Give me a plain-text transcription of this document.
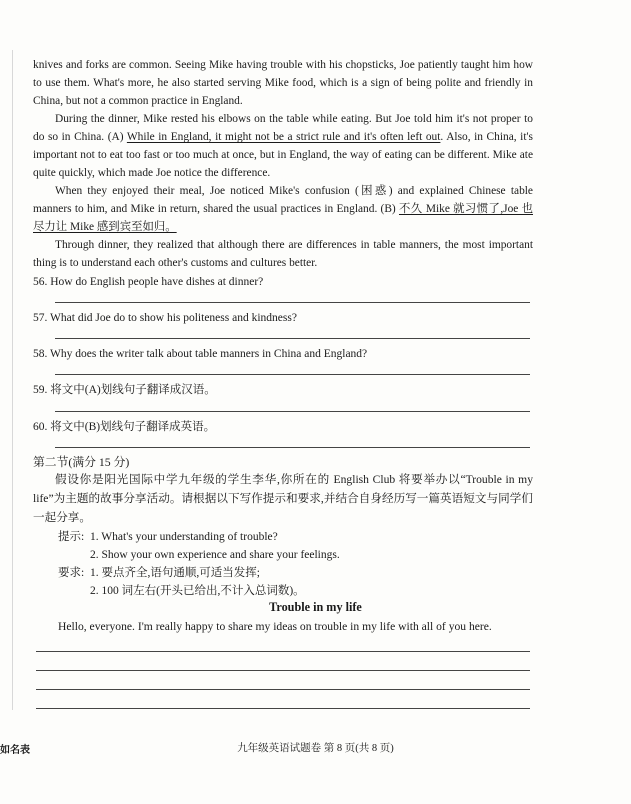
knives and forks are common. Seeing Mike having trouble with his chopsticks, Joe patiently taught him how to use them. What's more, he also started serving Mike food, which is a sign of being polite and friendly in China, but not a common practice in England.
During the dinner, Mike rested his elbows on the table while eating. But Joe told him it's not proper to do so in China. (A) While in England, it might not be a strict rule and it's often left out. Also, in China, it's important not to eat too fast or too much at once, but in England, the way of eating can be different. Mike ate quite quickly, which made Joe notice the difference.
When they enjoyed their meal, Joe noticed Mike's confusion (困惑) and explained Chinese table manners to him, and Mike in return, shared the usual practices in England. (B) 不久 Mike 就习惯了,Joe 也尽力让 Mike 感到宾至如归。
Through dinner, they realized that although there are differences in table manners, the most important thing is to understand each other's customs and cultures better.
56. How do English people have dishes at dinner?
57. What did Joe do to show his politeness and kindness?
58. Why does the writer talk about table manners in China and England?
59. 将文中(A)划线句子翻译成汉语。
60. 将文中(B)划线句子翻译成英语。
第二节(满分 15 分)
假设你是阳光国际中学九年级的学生李华,你所在的 English Club 将要举办以“Trouble in my life”为主题的故事分享活动。请根据以下写作提示和要求,并结合自身经历写一篇英语短文与同学们一起分享。
提示: 1. What's your understanding of trouble?
2. Show your own experience and share your feelings.
要求: 1. 要点齐全,语句通顺,可适当发挥;
2. 100 词左右(开头已给出,不计入总词数)。
Trouble in my life
Hello, everyone. I'm really happy to share my ideas on trouble in my life with all of you here.
如名表	九年级英语试题卷 第 8 页(共 8 页)
